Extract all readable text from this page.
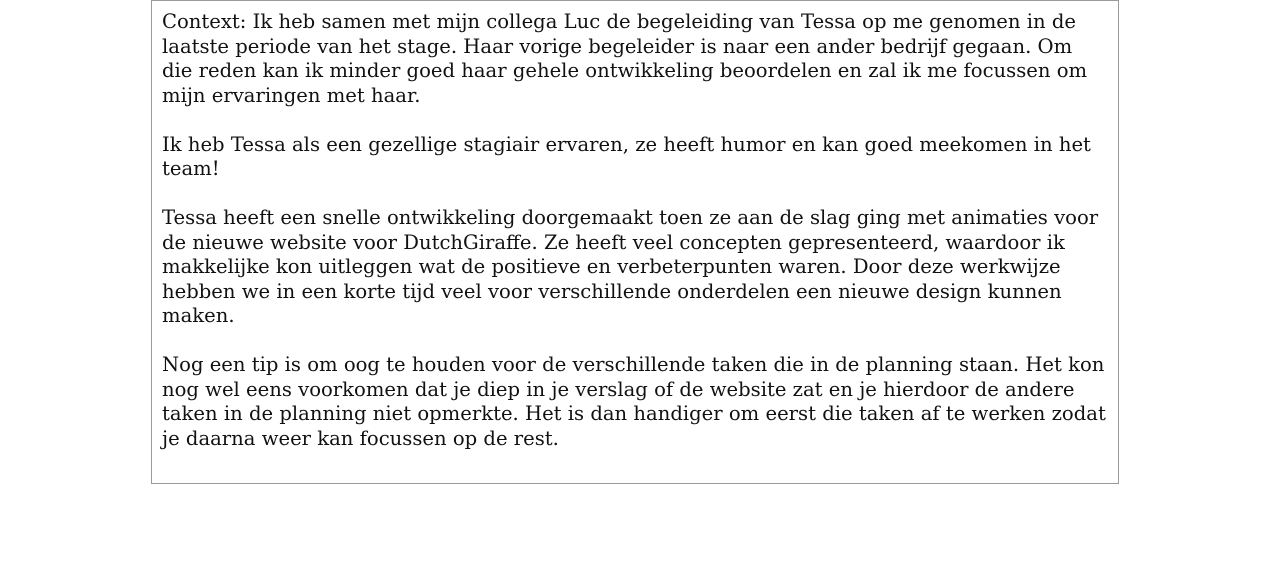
Context: Ik heb samen met mijn collega Luc de begeleiding van Tessa op me genomen in de laatste periode van het stage. Haar vorige begeleider is naar een ander bedrijf gegaan. Om die reden kan ik minder goed haar gehele ontwikkeling beoordelen en zal ik me focussen om mijn ervaringen met haar.

Ik heb Tessa als een gezellige stagiair ervaren, ze heeft humor en kan goed meekomen in het team!

Tessa heeft een snelle ontwikkeling doorgemaakt toen ze aan de slag ging met animaties voor de nieuwe website voor DutchGiraffe. Ze heeft veel concepten gepresenteerd, waardoor ik makkelijke kon uitleggen wat de positieve en verbeterpunten waren. Door deze werkwijze hebben we in een korte tijd veel voor verschillende onderdelen een nieuwe design kunnen maken.

Nog een tip is om oog te houden voor de verschillende taken die in de planning staan. Het kon nog wel eens voorkomen dat je diep in je verslag of de website zat en je hierdoor de andere taken in de planning niet opmerkte. Het is dan handiger om eerst die taken af te werken zodat je daarna weer kan focussen op de rest.
